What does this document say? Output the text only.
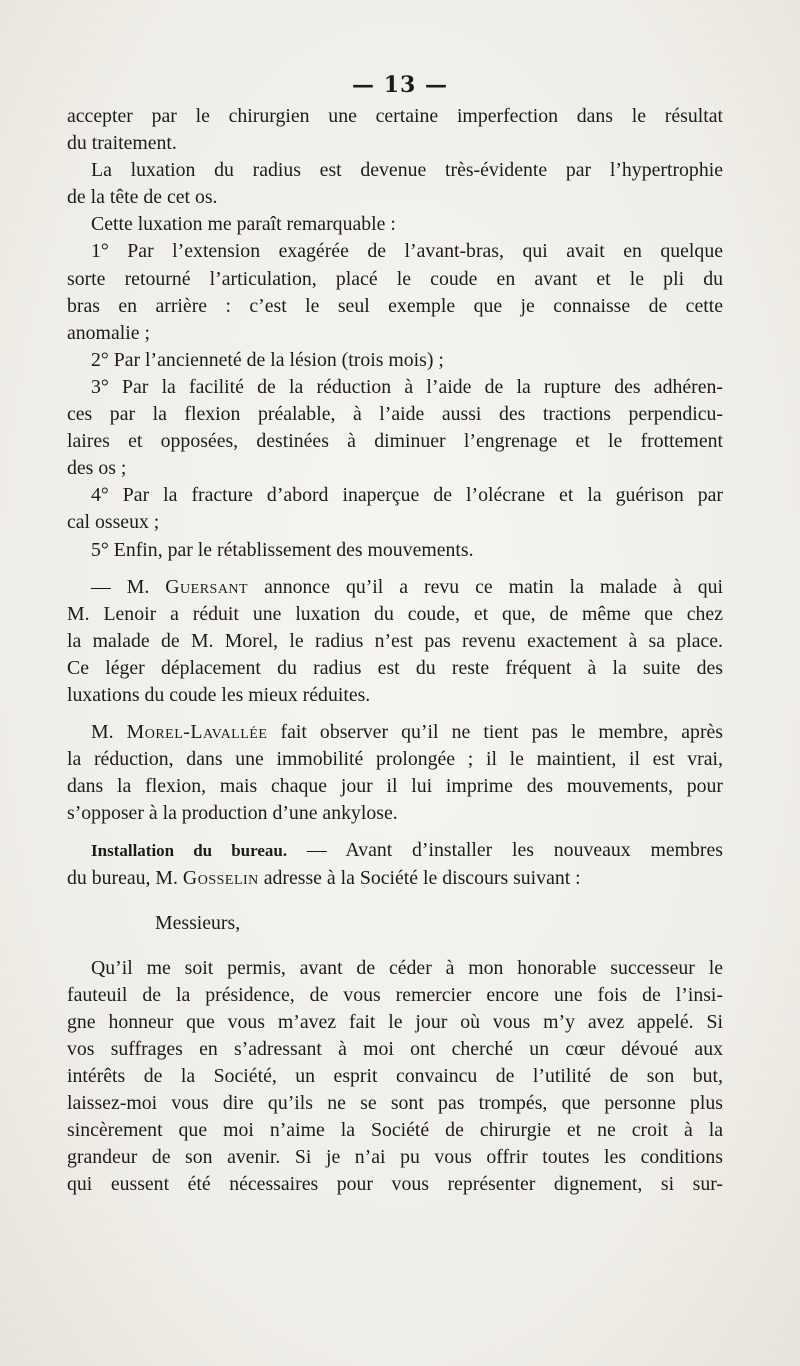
— 13 —

accepter par le chirurgien une certaine imperfection dans le résultat

du traitement.

La luxation du radius est devenue très-évidente par l’hypertrophie

de la tête de cet os.

Cette luxation me paraît remarquable :

1° Par l’extension exagérée de l’avant-bras, qui avait en quelque

sorte retourné l’articulation, placé le coude en avant et le pli du

bras en arrière : c’est le seul exemple que je connaisse de cette

anomalie ;

2° Par l’ancienneté de la lésion (trois mois) ;

3° Par la facilité de la réduction à l’aide de la rupture des adhéren-

ces par la flexion préalable, à l’aide aussi des tractions perpendicu-

laires et opposées, destinées à diminuer l’engrenage et le frottement

des os ;

4° Par la fracture d’abord inaperçue de l’olécrane et la guérison par

cal osseux ;

5° Enfin, par le rétablissement des mouvements.

— M. Guersant annonce qu’il a revu ce matin la malade à qui

M. Lenoir a réduit une luxation du coude, et que, de même que chez

la malade de M. Morel, le radius n’est pas revenu exactement à sa place.

Ce léger déplacement du radius est du reste fréquent à la suite des

luxations du coude les mieux réduites.

M. Morel-Lavallée fait observer qu’il ne tient pas le membre, après

la réduction, dans une immobilité prolongée ; il le maintient, il est vrai,

dans la flexion, mais chaque jour il lui imprime des mouvements, pour

s’opposer à la production d’une ankylose.

Installation du bureau. — Avant d’installer les nouveaux membres

du bureau, M. Gosselin adresse à la Société le discours suivant :

Messieurs,

Qu’il me soit permis, avant de céder à mon honorable successeur le

fauteuil de la présidence, de vous remercier encore une fois de l’insi-

gne honneur que vous m’avez fait le jour où vous m’y avez appelé. Si

vos suffrages en s’adressant à moi ont cherché un cœur dévoué aux

intérêts de la Société, un esprit convaincu de l’utilité de son but,

laissez-moi vous dire qu’ils ne se sont pas trompés, que personne plus

sincèrement que moi n’aime la Société de chirurgie et ne croit à la

grandeur de son avenir. Si je n’ai pu vous offrir toutes les conditions

qui eussent été nécessaires pour vous représenter dignement, si sur-
